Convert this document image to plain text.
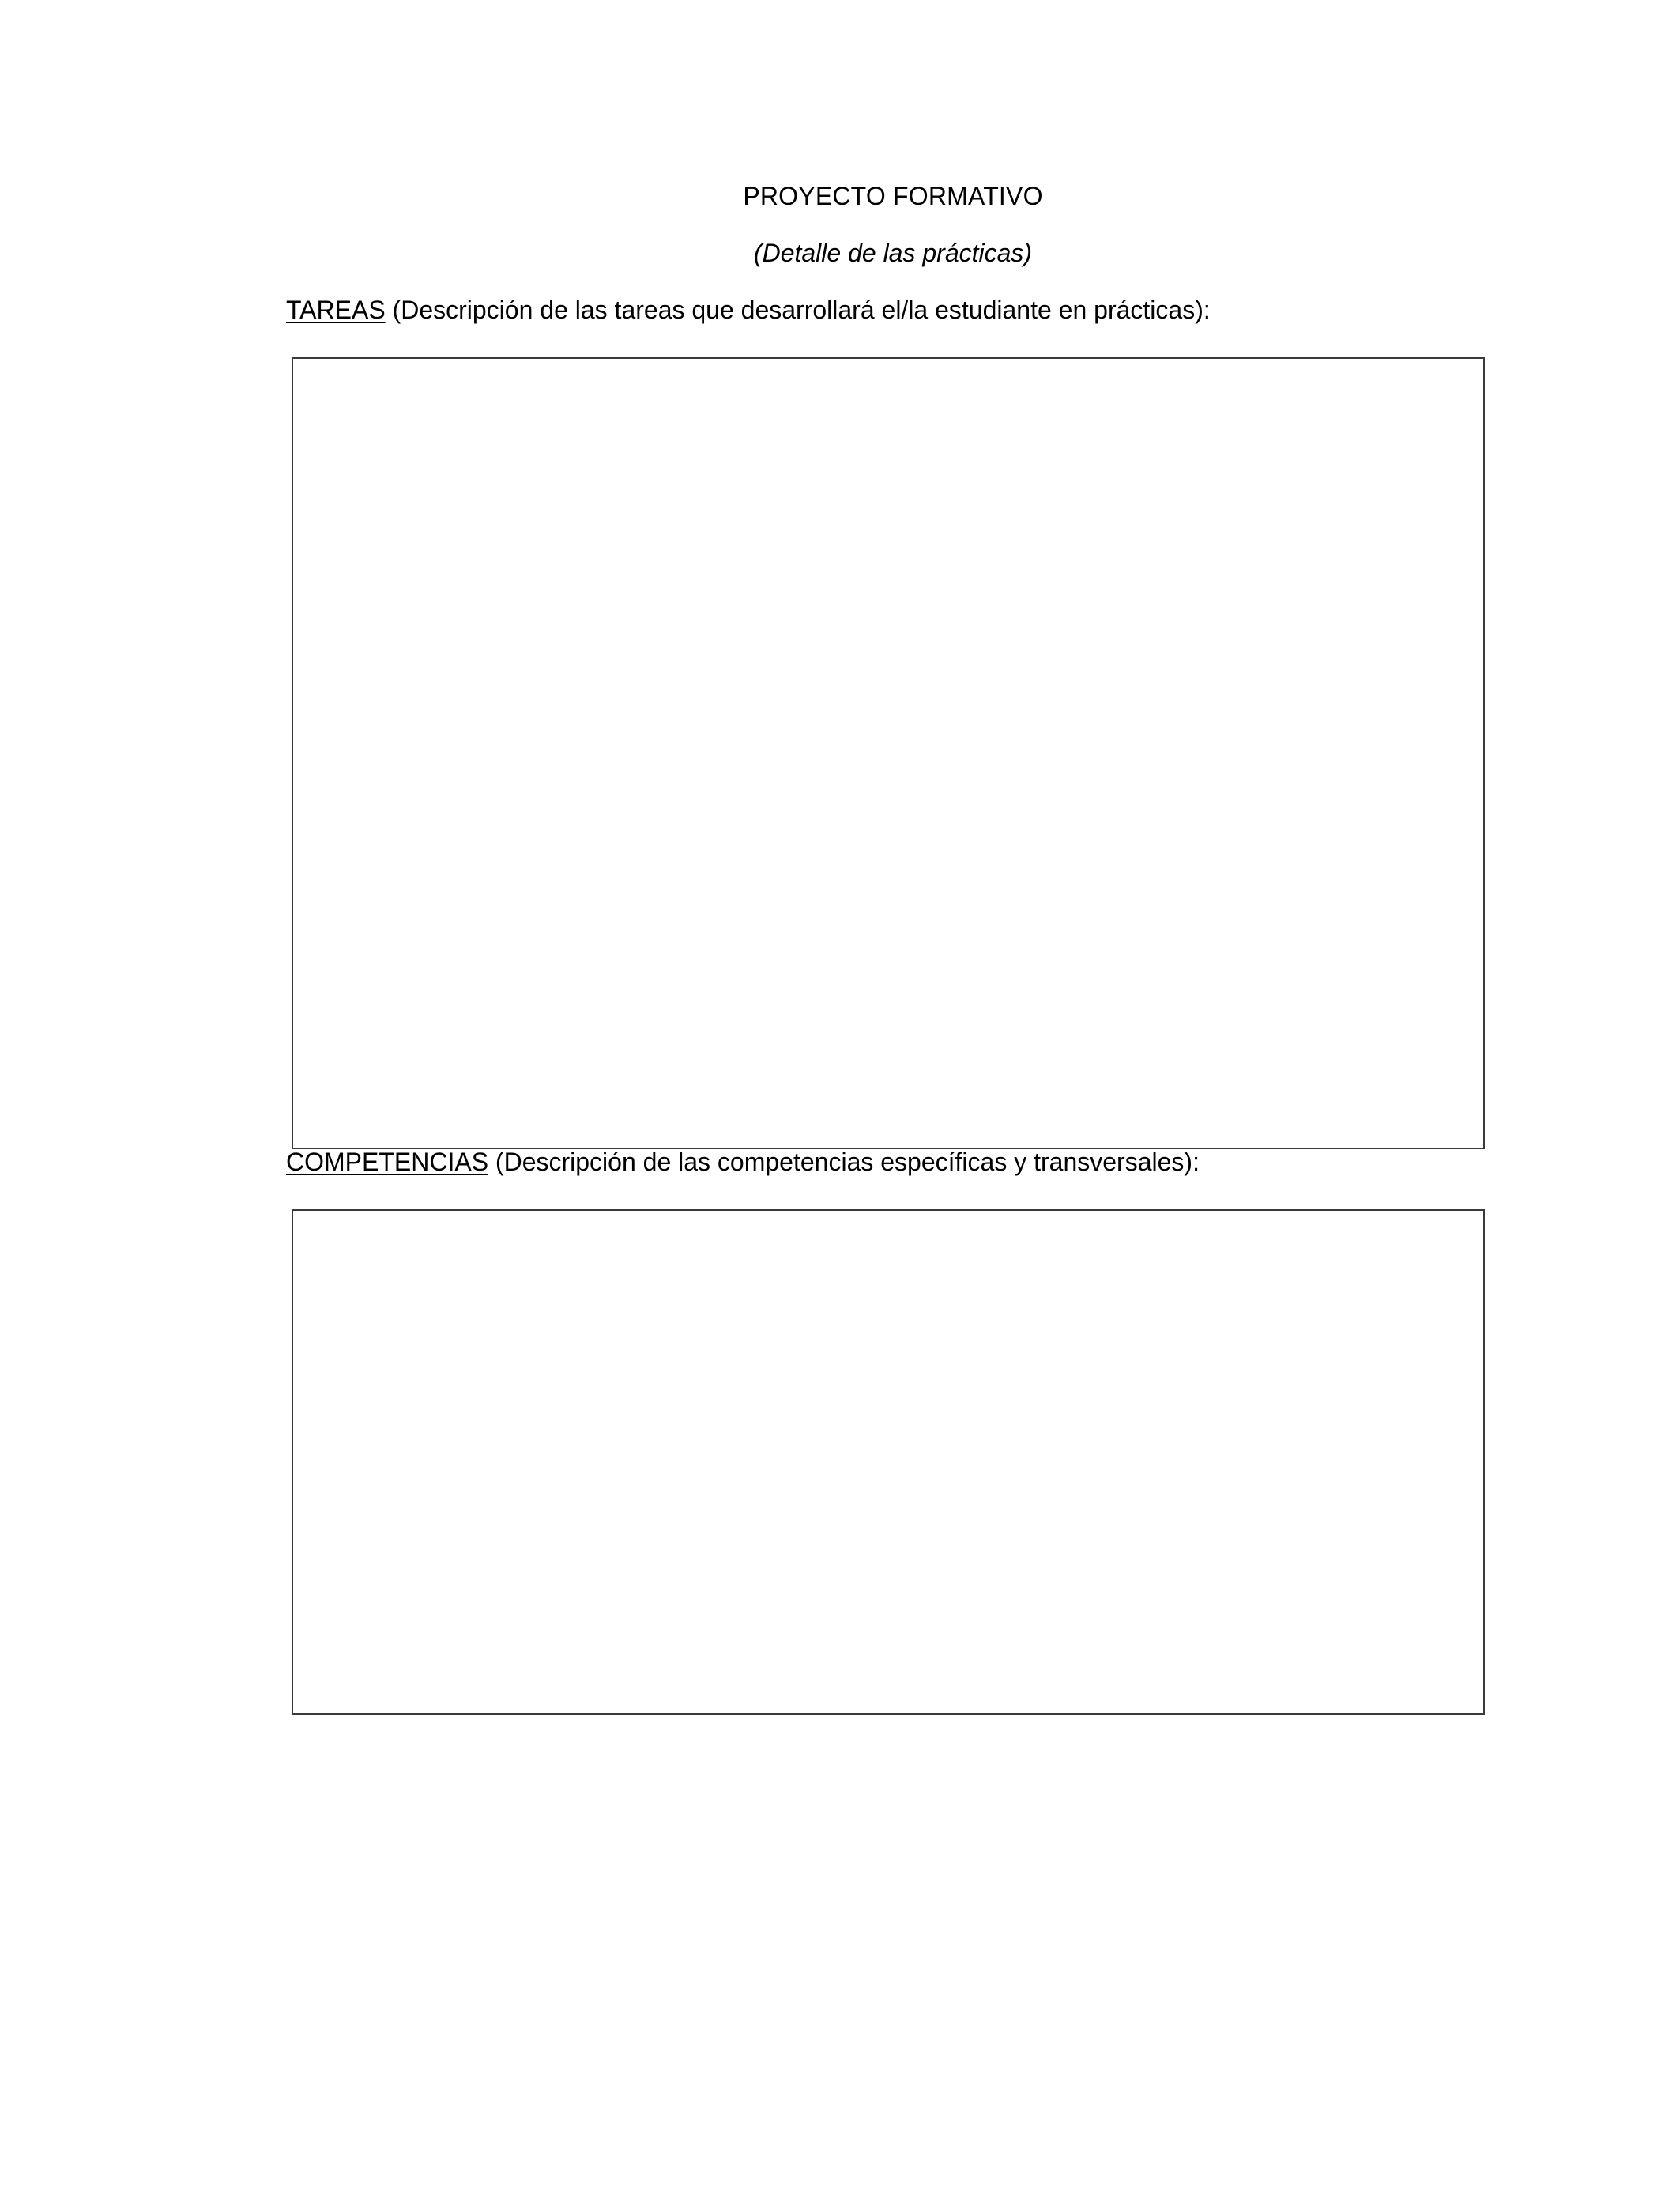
PROYECTO FORMATIVO
(Detalle de las prácticas)
TAREAS (Descripción de las tareas que desarrollará el/la estudiante en prácticas):
COMPETENCIAS (Descripción de las competencias específicas y transversales):
